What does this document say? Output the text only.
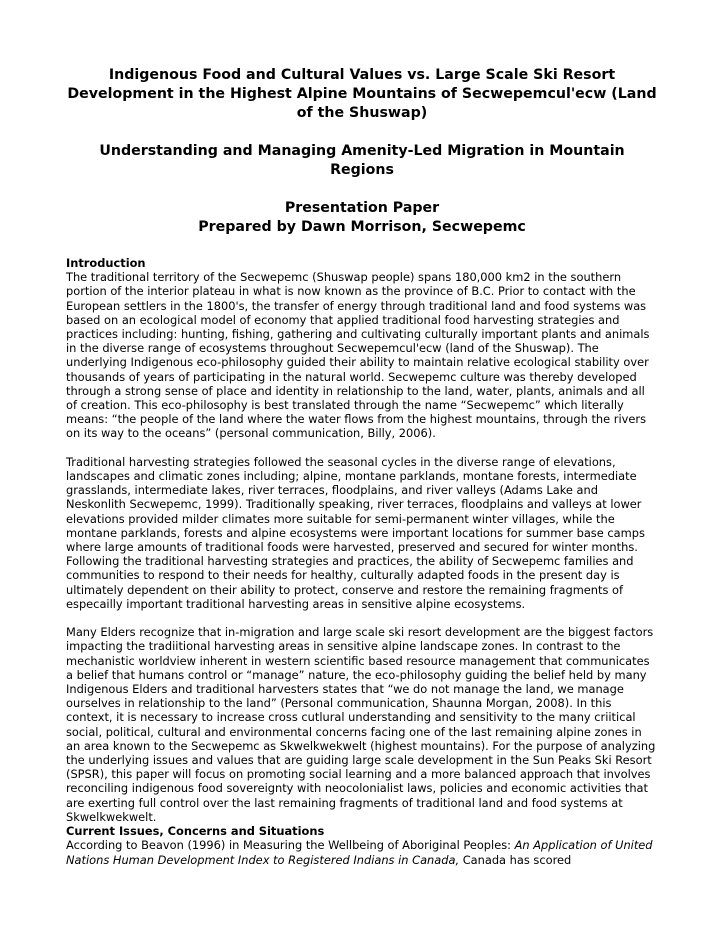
Indigenous Food and Cultural Values vs. Large Scale Ski Resort Development in the Highest Alpine Mountains of Secwepemcul'ecw (Land of the Shuswap)

Understanding and Managing Amenity-Led Migration in Mountain Regions

Presentation Paper

Prepared by Dawn Morrison, Secwepemc

Introduction

The traditional territory of the Secwepemc (Shuswap people) spans 180,000 km2 in the southern portion of the interior plateau in what is now known as the province of B.C. Prior to contact with the European settlers in the 1800's, the transfer of energy through traditional land and food systems was based on an ecological model of economy that applied traditional food harvesting strategies and practices including: hunting, fishing, gathering and cultivating culturally important plants and animals in the diverse range of ecosystems throughout Secwepemcul'ecw (land of the Shuswap). The underlying Indigenous eco-philosophy guided their ability to maintain relative ecological stability over thousands of years of participating in the natural world. Secwepemc culture was thereby developed through a strong sense of place and identity in relationship to the land, water, plants, animals and all of creation. This eco-philosophy is best translated through the name “Secwepemc” which literally means: “the people of the land where the water flows from the highest mountains, through the rivers on its way to the oceans” (personal communication, Billy, 2006).

Traditional harvesting strategies followed the seasonal cycles in the diverse range of elevations, landscapes and climatic zones including; alpine, montane parklands, montane forests, intermediate grasslands, intermediate lakes, river terraces, floodplains, and river valleys (Adams Lake and Neskonlith Secwepemc, 1999). Traditionally speaking, river terraces, floodplains and valleys at lower elevations provided milder climates more suitable for semi-permanent winter villages, while the montane parklands, forests and alpine ecosystems were important locations for summer base camps where large amounts of traditional foods were harvested, preserved and secured for winter months. Following the traditional harvesting strategies and practices, the ability of Secwepemc families and communities to respond to their needs for healthy, culturally adapted foods in the present day is ultimately dependent on their ability to protect, conserve and restore the remaining fragments of especailly important traditional harvesting areas in sensitive alpine ecosystems.

Many Elders recognize that in-migration and large scale ski resort development are the biggest factors impacting the tradiitional harvesting areas in sensitive alpine landscape zones. In contrast to the mechanistic worldview inherent in western scientific based resource management that communicates a belief that humans control or “manage” nature, the eco-philosophy guiding the belief held by many Indigenous Elders and traditional harvesters states that “we do not manage the land, we manage ourselves in relationship to the land” (Personal communication, Shaunna Morgan, 2008). In this context, it is necessary to increase cross cutlural understanding and sensitivity to the many criitical social, political, cultural and environmental concerns facing one of the last remaining alpine zones in an area known to the Secwepemc as Skwelkwekwelt (highest mountains). For the purpose of analyzing the underlying issues and values that are guiding large scale development in the Sun Peaks Ski Resort (SPSR), this paper will focus on promoting social learning and a more balanced approach that involves reconciling indigenous food sovereignty with neocolonialist laws, policies and economic activities that are exerting full control over the last remaining fragments of traditional land and food systems at Skwelkwekwelt.

Current Issues, Concerns and Situations

According to Beavon (1996) in Measuring the Wellbeing of Aboriginal Peoples: An Application of United Nations Human Development Index to Registered Indians in Canada, Canada has scored
